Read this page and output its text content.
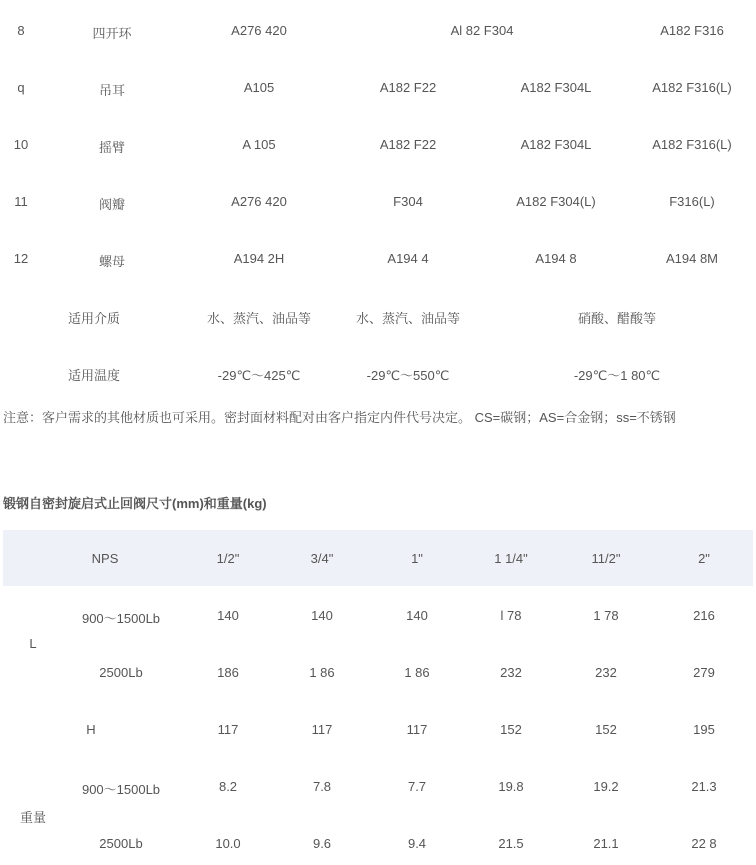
8	四开环	A276 420	Al 82 F304	A182 F316
q	吊耳	A105	A182 F22	A182 F304L	A182 F316(L)
10	摇臂	A 105	A182 F22	A182 F304L	A182 F316(L)
11	阀瓣	A276 420	F304	A182 F304(L)	F316(L)
12	螺母	A194 2H	A194 4	A194 8	A194 8M
适用介质	水、蒸汽、油品等	水、蒸汽、油品等	硝酸、醋酸等
适用温度	-29℃～425℃	-29℃～550℃	-29℃～1 80℃
注意：客户需求的其他材质也可采用。密封面材料配对由客户指定内件代号决定。 CS=碳钢；AS=合金钢；ss=不锈钢
锻钢自密封旋启式止回阀尺寸(mm)和重量(kg)
NPS	1/2"	3/4"	1"	1 1/4"	11/2"	2"
L
900～1500Lb	140	140	140	l 78	1 78	216
2500Lb	186	1 86	1 86	232	232	279
H	117	117	117	152	152	195
重量
900～1500Lb	8.2	7.8	7.7	19.8	19.2	21.3
2500Lb	10.0	9.6	9.4	21.5	21.1	22 8
